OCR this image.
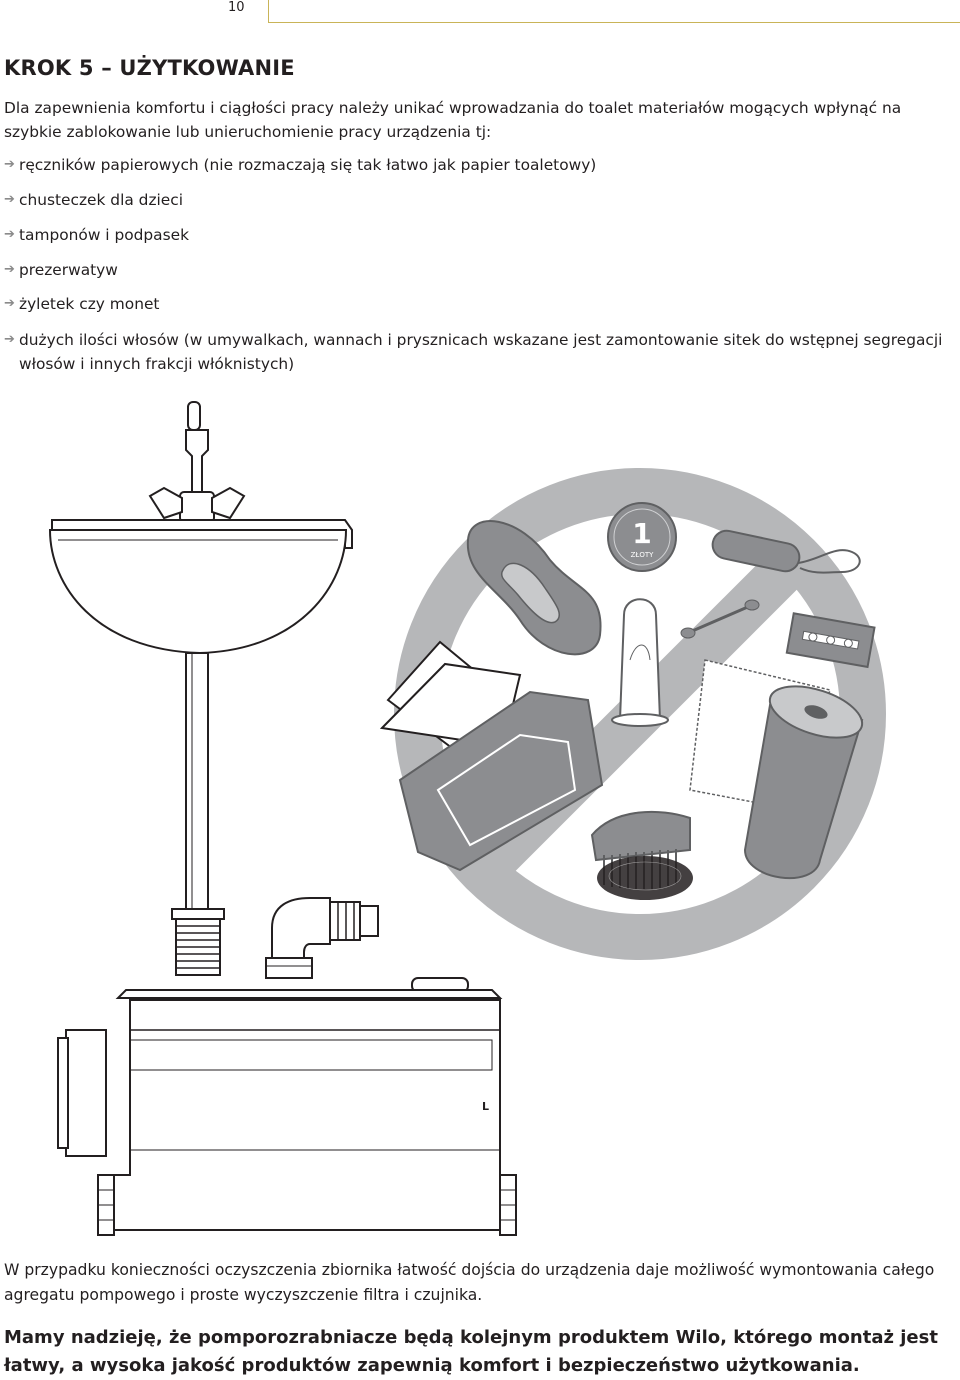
10
KROK 5 – UŻYTKOWANIE

Dla zapewnienia komfortu i ciągłości pracy należy unikać wprowadzania do toalet materiałów mogących wpłynąć na szybkie zablokowanie lub unieruchomienie pracy urządzenia tj:

➔ ręczników papierowych (nie rozmaczają się tak łatwo jak papier toaletowy)
➔ chusteczek dla dzieci
➔ tamponów i podpasek
➔ prezerwatyw
➔ żyletek czy monet
➔ dużych ilości włosów (w umywalkach, wannach i prysznicach wskazane jest zamontowanie sitek do wstępnej segregacji włosów i innych frakcji włóknistych)
1
ZŁOTY
L

W przypadku konieczności oczyszczenia zbiornika łatwość dojścia do urządzenia daje możliwość wymontowania całego agregatu pompowego i proste wyczyszczenie filtra i czujnika.

Mamy nadzieję, że pomporozrabniacze będą kolejnym produktem Wilo, którego montaż jest łatwy, a wysoka jakość produktów zapewnią komfort i bezpieczeństwo użytkowania.
